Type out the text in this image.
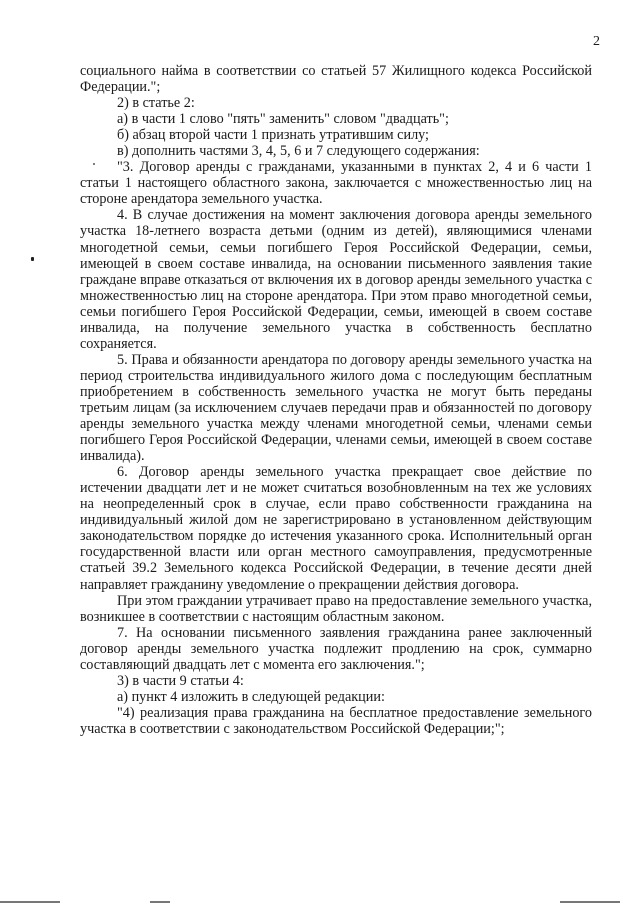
2

социального найма в соответствии со статьей 57 Жилищного кодекса Российской Федерации.";

2) в статье 2:

а) в части 1 слово "пять" заменить" словом "двадцать";

б) абзац второй части 1 признать утратившим силу;

в) дополнить частями 3, 4, 5, 6 и 7 следующего содержания:

"3. Договор аренды с гражданами, указанными в пунктах 2, 4 и 6 части 1 статьи 1 настоящего областного закона, заключается с множественностью лиц на стороне арендатора земельного участка.

4. В случае достижения на момент заключения договора аренды земельного участка 18-летнего возраста детьми (одним из детей), являющимися членами многодетной семьи, семьи погибшего Героя Российской Федерации, семьи, имеющей в своем составе инвалида, на основании письменного заявления такие граждане вправе отказаться от включения их в договор аренды земельного участка с множественностью лиц на стороне арендатора. При этом право многодетной семьи, семьи погибшего Героя Российской Федерации, семьи, имеющей в своем составе инвалида, на получение земельного участка в собственность бесплатно сохраняется.

5. Права и обязанности арендатора по договору аренды земельного участка на период строительства индивидуального жилого дома с последующим бесплатным приобретением в собственность земельного участка не могут быть переданы третьим лицам (за исключением случаев передачи прав и обязанностей по договору аренды земельного участка между членами многодетной семьи, членами семьи погибшего Героя Российской Федерации, членами семьи, имеющей в своем составе инвалида).

6. Договор аренды земельного участка прекращает свое действие по истечении двадцати лет и не может считаться возобновленным на тех же условиях на неопределенный срок в случае, если право собственности гражданина на индивидуальный жилой дом не зарегистрировано в установленном действующим законодательством порядке до истечения указанного срока. Исполнительный орган государственной власти или орган местного самоуправления, предусмотренные статьей 39.2 Земельного кодекса Российской Федерации, в течение десяти дней направляет гражданину уведомление о прекращении действия договора.

При этом граждании утрачивает право на предоставление земельного участка, возникшее в соответствии с настоящим областным законом.

7. На основании письменного заявления гражданина ранее заключенный договор аренды земельного участка подлежит продлению на срок, суммарно составляющий двадцать лет с момента его заключения.";

3) в части 9 статьи 4:

а) пункт 4 изложить в следующей редакции:

"4) реализация права гражданина на бесплатное предоставление земельного участка в соответствии с законодательством Российской Федерации;";
